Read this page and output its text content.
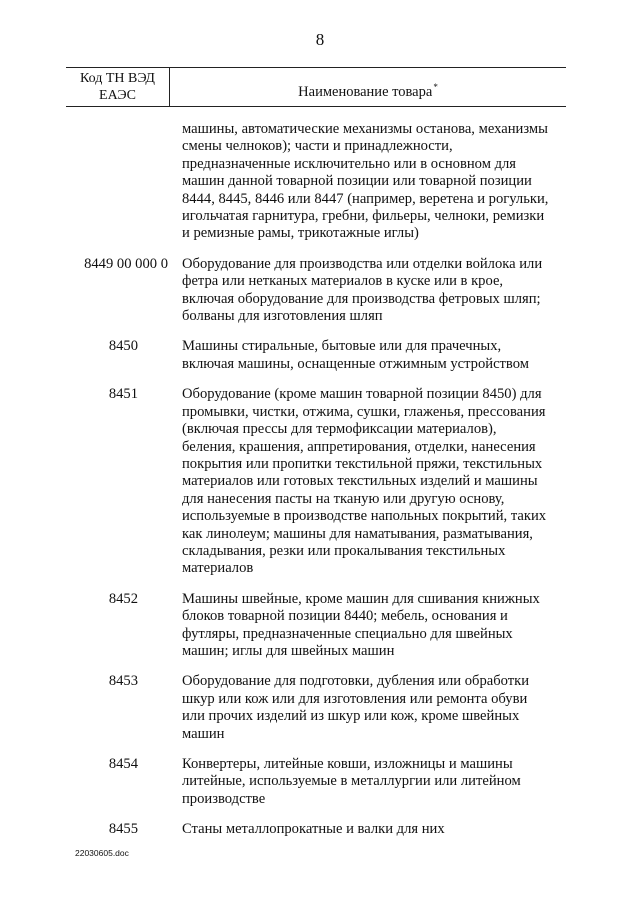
8
Код ТН ВЭД
ЕАЭС	Наименование товара*

машины, автоматические механизмы останова, механизмы

смены челноков); части и принадлежности,

предназначенные исключительно или в основном для

машин данной товарной позиции или товарной позиции

8444, 8445, 8446 или 8447 (например, веретена и рогульки,

игольчатая гарнитура, гребни, фильеры, челноки, ремизки

и ремизные рамы, трикотажные иглы)

8449 00 000 0 Оборудование для производства или отделки войлока или

фетра или нетканых материалов в куске или в крое,

включая оборудование для производства фетровых шляп;

болваны для изготовления шляп

8450	Машины стиральные, бытовые или для прачечных,

включая машины, оснащенные отжимным устройством

8451	Оборудование (кроме машин товарной позиции 8450) для

промывки, чистки, отжима, сушки, глаженья, прессования

(включая прессы для термофиксации материалов),

беления, крашения, аппретирования, отделки, нанесения

покрытия или пропитки текстильной пряжи, текстильных

материалов или готовых текстильных изделий и машины

для нанесения пасты на тканую или другую основу,

используемые в производстве напольных покрытий, таких

как линолеум; машины для наматывания, разматывания,

складывания, резки или прокалывания текстильных

материалов

8452	Машины швейные, кроме машин для сшивания книжных

блоков товарной позиции 8440; мебель, основания и

футляры, предназначенные специально для швейных

машин; иглы для швейных машин

8453	Оборудование для подготовки, дубления или обработки

шкур или кож или для изготовления или ремонта обуви

или прочих изделий из шкур или кож, кроме швейных

машин

8454	Конвертеры, литейные ковши, изложницы и машины

литейные, используемые в металлургии или литейном

производстве

8455	Станы металлопрокатные и валки для них

22030605.doc
